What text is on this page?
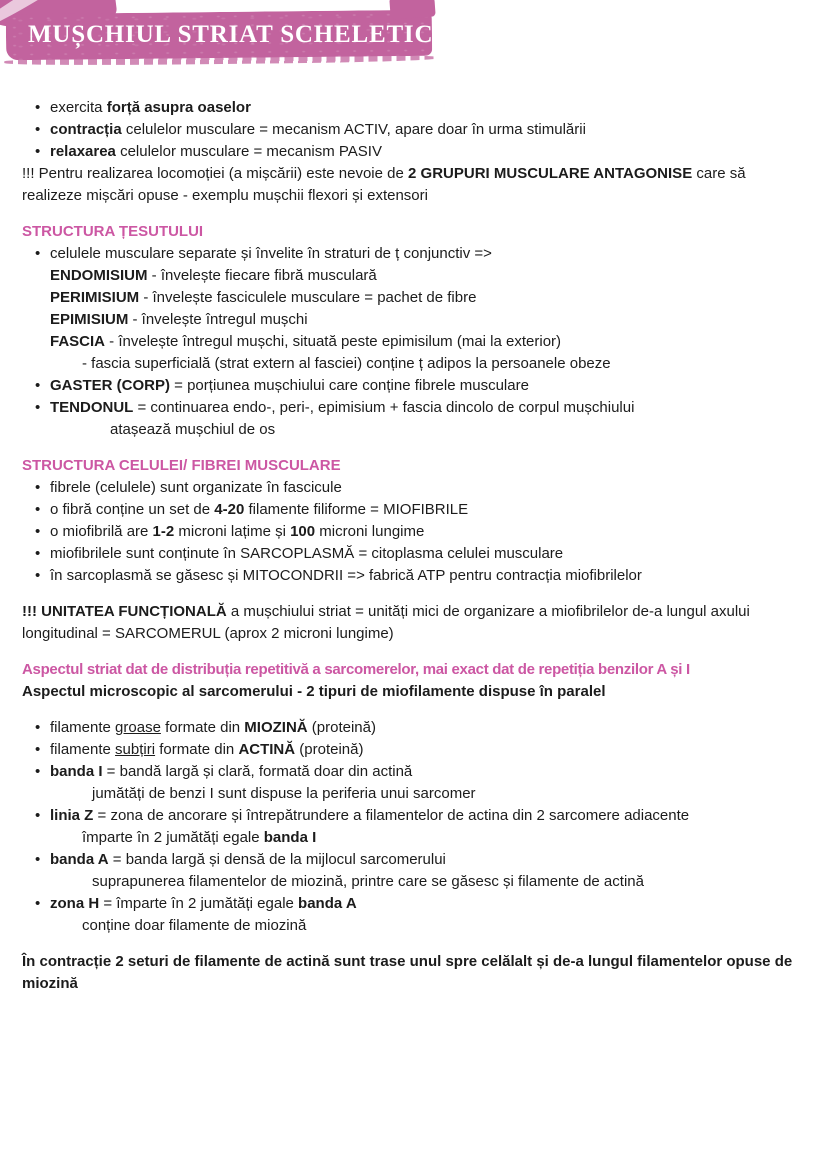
MUȘCHIUL STRIAT SCHELETIC
• exercita forță asupra oaselor
• contracția celulelor musculare = mecanism ACTIV, apare doar în urma stimulării
• relaxarea celulelor musculare = mecanism PASIV
!!! Pentru realizarea locomoției (a mișcării) este nevoie de 2 GRUPURI MUSCULARE ANTAGONISE care să realizeze mișcări opuse - exemplu mușchii flexori și extensori
STRUCTURA ȚESUTULUI
• celulele musculare separate și învelite în straturi de ț conjunctiv =>
ENDOMISIUM - învelește fiecare fibră musculară
PERIMISIUM - învelește fasciculele musculare = pachet de fibre
EPIMISIUM - învelește întregul mușchi
FASCIA - învelește întregul mușchi, situată peste epimisilum (mai la exterior)
- fascia superficială (strat extern al fasciei) conține ț adipos la persoanele obeze
• GASTER (CORP) = porțiunea mușchiului care conține fibrele musculare
• TENDONUL = continuarea endo-, peri-, epimisium + fascia dincolo de corpul mușchiului
atașează mușchiul de os
STRUCTURA CELULEI/ FIBREI MUSCULARE
• fibrele (celulele) sunt organizate în fascicule
• o fibră conține un set de 4-20 filamente filiforme = MIOFIBRILE
• o miofibrilă are 1-2 microni lațime și 100 microni lungime
• miofibrilele sunt conținute în SARCOPLASMĂ = citoplasma celulei musculare
• în sarcoplasmă se găsesc și MITOCONDRII => fabrică ATP pentru contracția miofibrilelor
!!! UNITATEA FUNCȚIONALĂ a mușchiului striat = unități mici de organizare a miofibrilelor de-a lungul axului longitudinal = SARCOMERUL (aprox 2 microni lungime)
Aspectul striat dat de distribuția repetitivă a sarcomerelor, mai exact dat de repetiția benzilor A și I
Aspectul microscopic al sarcomerului - 2 tipuri de miofilamente dispuse în paralel
• filamente groase formate din MIOZINĂ (proteină)
• filamente subțiri formate din ACTINĂ (proteină)
• banda I = bandă largă și clară, formată doar din actină
jumătăți de benzi I sunt dispuse la periferia unui sarcomer
• linia Z = zona de ancorare și întrepătrundere a filamentelor de actina din 2 sarcomere adiacente
împarte în 2 jumătăți egale banda I
• banda A = banda largă și densă de la mijlocul sarcomerului
suprapunerea filamentelor de miozină, printre care se găsesc și filamente de actină
• zona H = împarte în 2 jumătăți egale banda A
conține doar filamente de miozină
În contracție 2 seturi de filamente de actină sunt trase unul spre celălalt și de-a lungul filamentelor opuse de miozină
